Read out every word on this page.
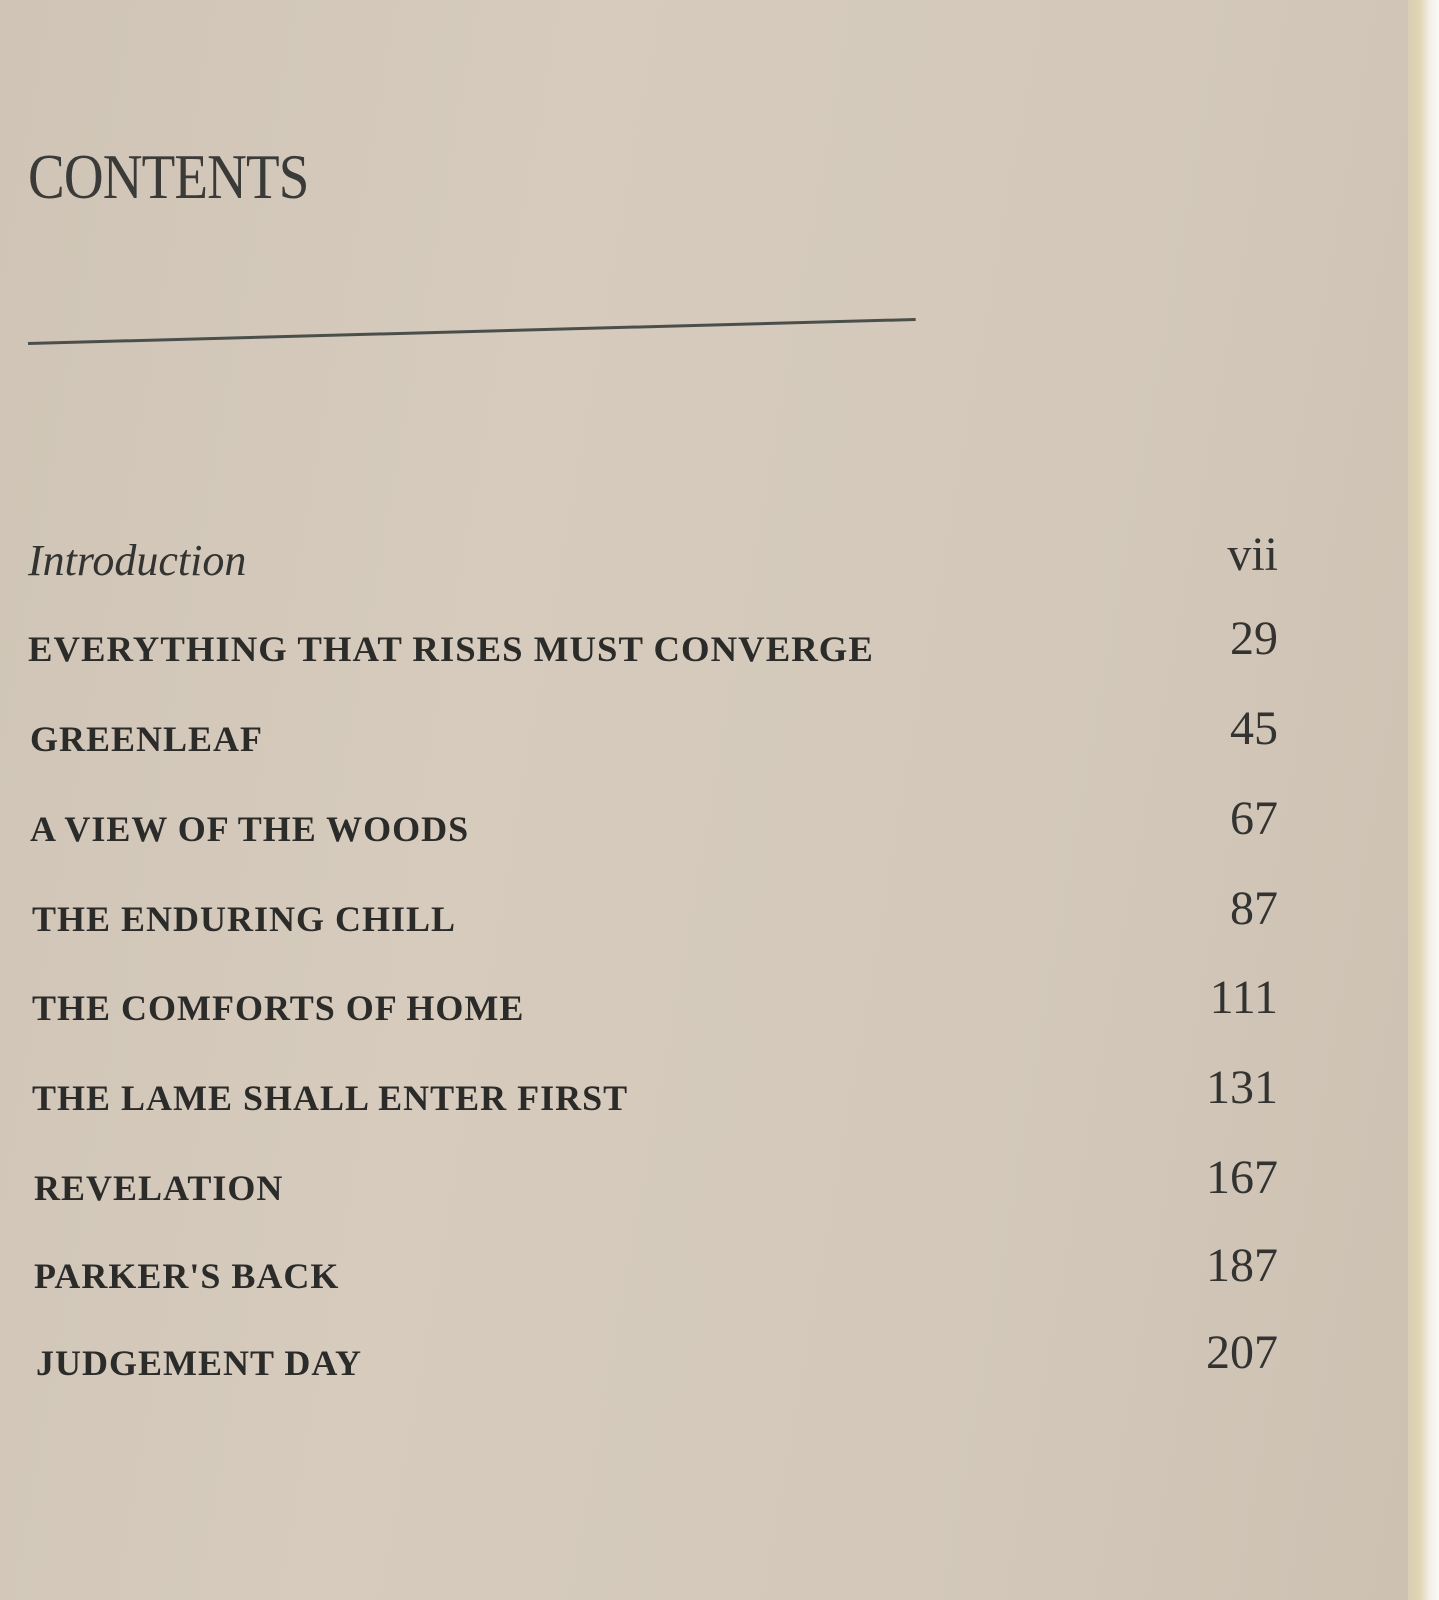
CONTENTS
Introduction	vii
EVERYTHING THAT RISES MUST CONVERGE	29
GREENLEAF	45
A VIEW OF THE WOODS	67
THE ENDURING CHILL	87
THE COMFORTS OF HOME	111
THE LAME SHALL ENTER FIRST	131
REVELATION	167
PARKER'S BACK	187
JUDGEMENT DAY	207
